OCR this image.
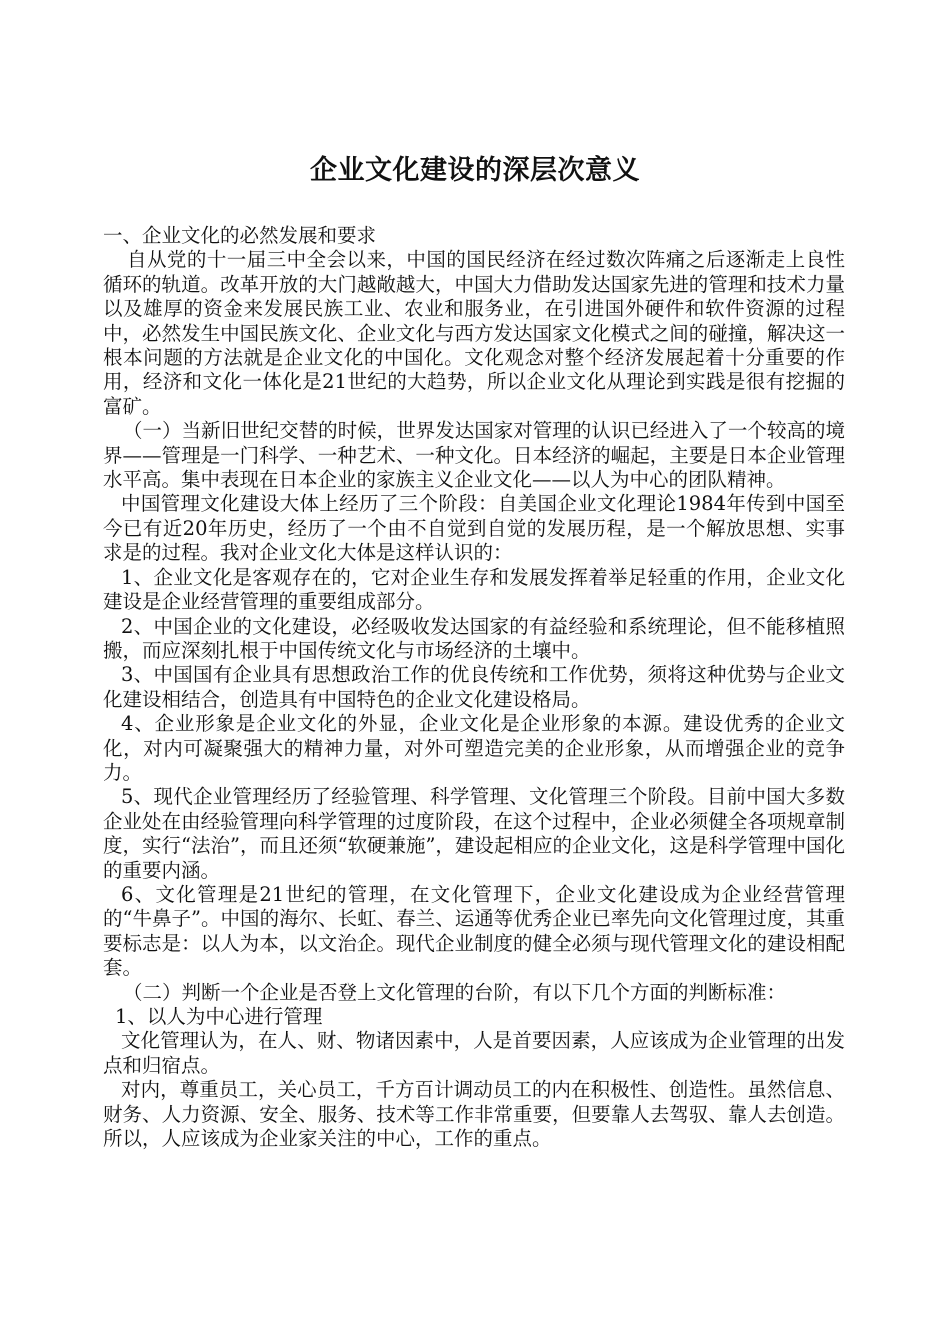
企业文化建设的深层次意义

一、企业文化的必然发展和要求

自从党的十一届三中全会以来，中国的国民经济在经过数次阵痛之后逐渐走上良性循环的轨道。改革开放的大门越敞越大，中国大力借助发达国家先进的管理和技术力量以及雄厚的资金来发展民族工业、农业和服务业，在引进国外硬件和软件资源的过程中，必然发生中国民族文化、企业文化与西方发达国家文化模式之间的碰撞，解决这一根本问题的方法就是企业文化的中国化。文化观念对整个经济发展起着十分重要的作用，经济和文化一体化是21世纪的大趋势，所以企业文化从理论到实践是很有挖掘的富矿。

（一）当新旧世纪交替的时候，世界发达国家对管理的认识已经进入了一个较高的境界——管理是一门科学、一种艺术、一种文化。日本经济的崛起，主要是日本企业管理水平高。集中表现在日本企业的家族主义企业文化——以人为中心的团队精神。

中国管理文化建设大体上经历了三个阶段：自美国企业文化理论1984年传到中国至今已有近20年历史，经历了一个由不自觉到自觉的发展历程，是一个解放思想、实事求是的过程。我对企业文化大体是这样认识的：

1、企业文化是客观存在的，它对企业生存和发展发挥着举足轻重的作用，企业文化建设是企业经营管理的重要组成部分。

2、中国企业的文化建设，必经吸收发达国家的有益经验和系统理论，但不能移植照搬，而应深刻扎根于中国传统文化与市场经济的土壤中。

3、中国国有企业具有思想政治工作的优良传统和工作优势，须将这种优势与企业文化建设相结合，创造具有中国特色的企业文化建设格局。

4、企业形象是企业文化的外显，企业文化是企业形象的本源。建设优秀的企业文化，对内可凝聚强大的精神力量，对外可塑造完美的企业形象，从而增强企业的竞争力。

5、现代企业管理经历了经验管理、科学管理、文化管理三个阶段。目前中国大多数企业处在由经验管理向科学管理的过度阶段，在这个过程中，企业必须健全各项规章制度，实行“法治”，而且还须“软硬兼施”，建设起相应的企业文化，这是科学管理中国化的重要内涵。

6、文化管理是21世纪的管理，在文化管理下，企业文化建设成为企业经营管理的“牛鼻子”。中国的海尔、长虹、春兰、运通等优秀企业已率先向文化管理过度，其重要标志是：以人为本，以文治企。现代企业制度的健全必须与现代管理文化的建设相配套。

（二）判断一个企业是否登上文化管理的台阶，有以下几个方面的判断标准：

1、以人为中心进行管理

文化管理认为，在人、财、物诸因素中，人是首要因素，人应该成为企业管理的出发点和归宿点。

对内，尊重员工，关心员工，千方百计调动员工的内在积极性、创造性。虽然信息、财务、人力资源、安全、服务、技术等工作非常重要，但要靠人去驾驭、靠人去创造。所以，人应该成为企业家关注的中心，工作的重点。
